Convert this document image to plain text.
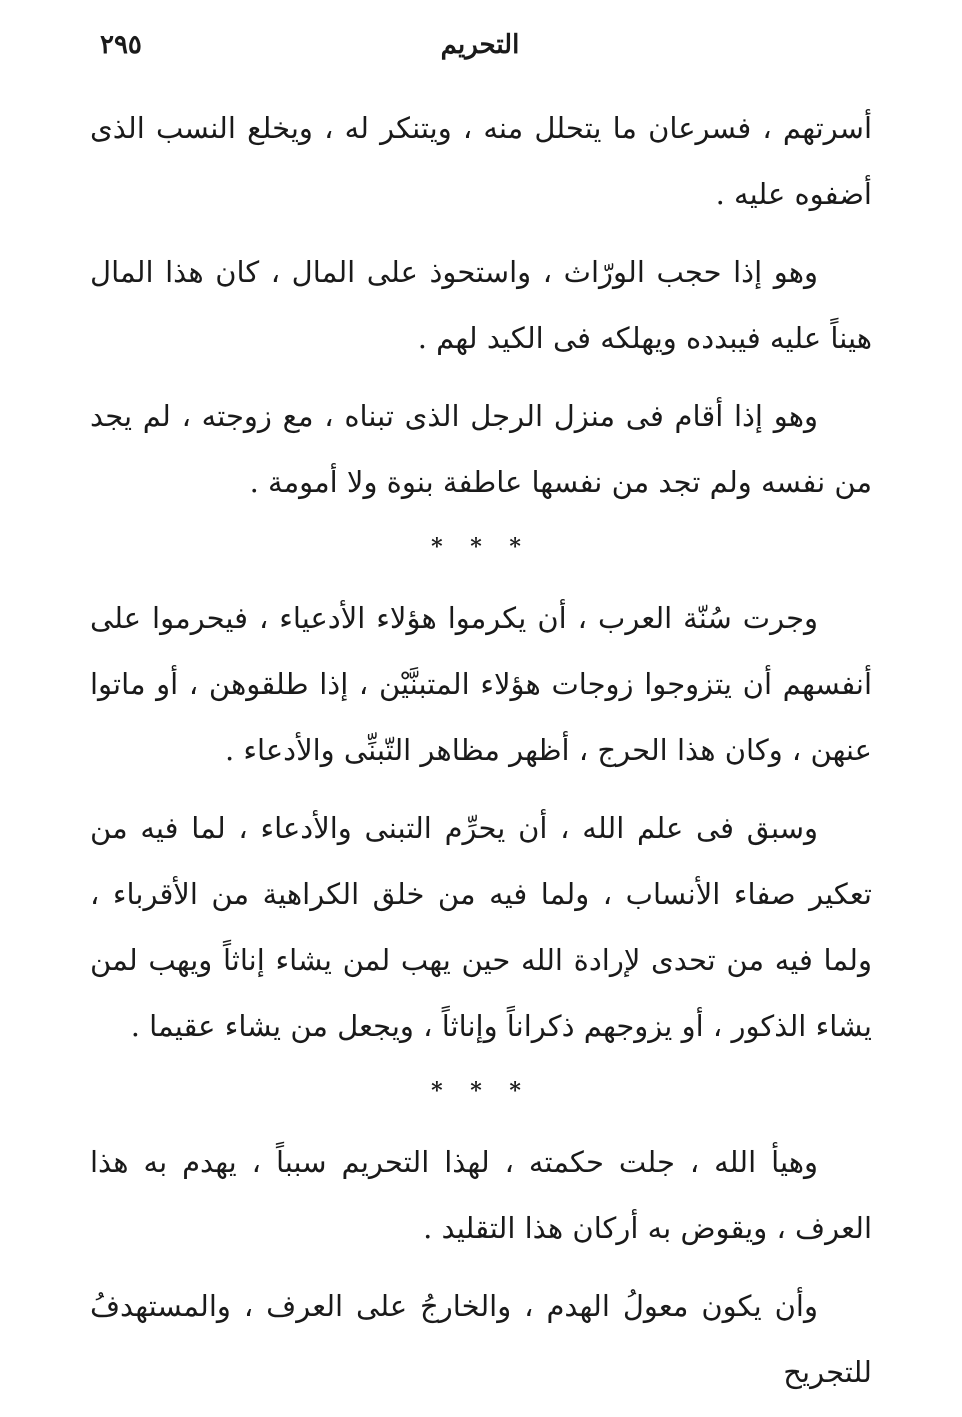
التحريم
٢٩٥

أسرتهم ، فسرعان ما يتحلل منه ، ويتنكر له ، ويخلع النسب الذى أضفوه عليه .

وهو إذا حجب الورّاث ، واستحوذ على المال ، كان هذا المال هيناً عليه فيبدده ويهلكه فى الكيد لهم .

وهو إذا أقام فى منزل الرجل الذى تبناه ، مع زوجته ، لم يجد من نفسه ولم تجد من نفسها عاطفة بنوة ولا أمومة .

* * *

وجرت سُنّة العرب ، أن يكرموا هؤلاء الأدعياء ، فيحرموا على أنفسهم أن يتزوجوا زوجات هؤلاء المتبنَّيْن ، إذا طلقوهن ، أو ماتوا عنهن ، وكان هذا الحرج ، أظهر مظاهر التّبنِّى والأدعاء .

وسبق فى علم الله ، أن يحرِّم التبنى والأدعاء ، لما فيه من تعكير صفاء الأنساب ، ولما فيه من خلق الكراهية من الأقرباء ، ولما فيه من تحدى لإرادة الله حين يهب لمن يشاء إناثاً ويهب لمن يشاء الذكور ، أو يزوجهم ذكراناً وإناثاً ، ويجعل من يشاء عقيما .

* * *

وهيأ الله ، جلت حكمته ، لهذا التحريم سبباً ، يهدم به هذا العرف ، ويقوض به أركان هذا التقليد .

وأن يكون معولُ الهدم ، والخارجُ على العرف ، والمستهدفُ للتجريح
